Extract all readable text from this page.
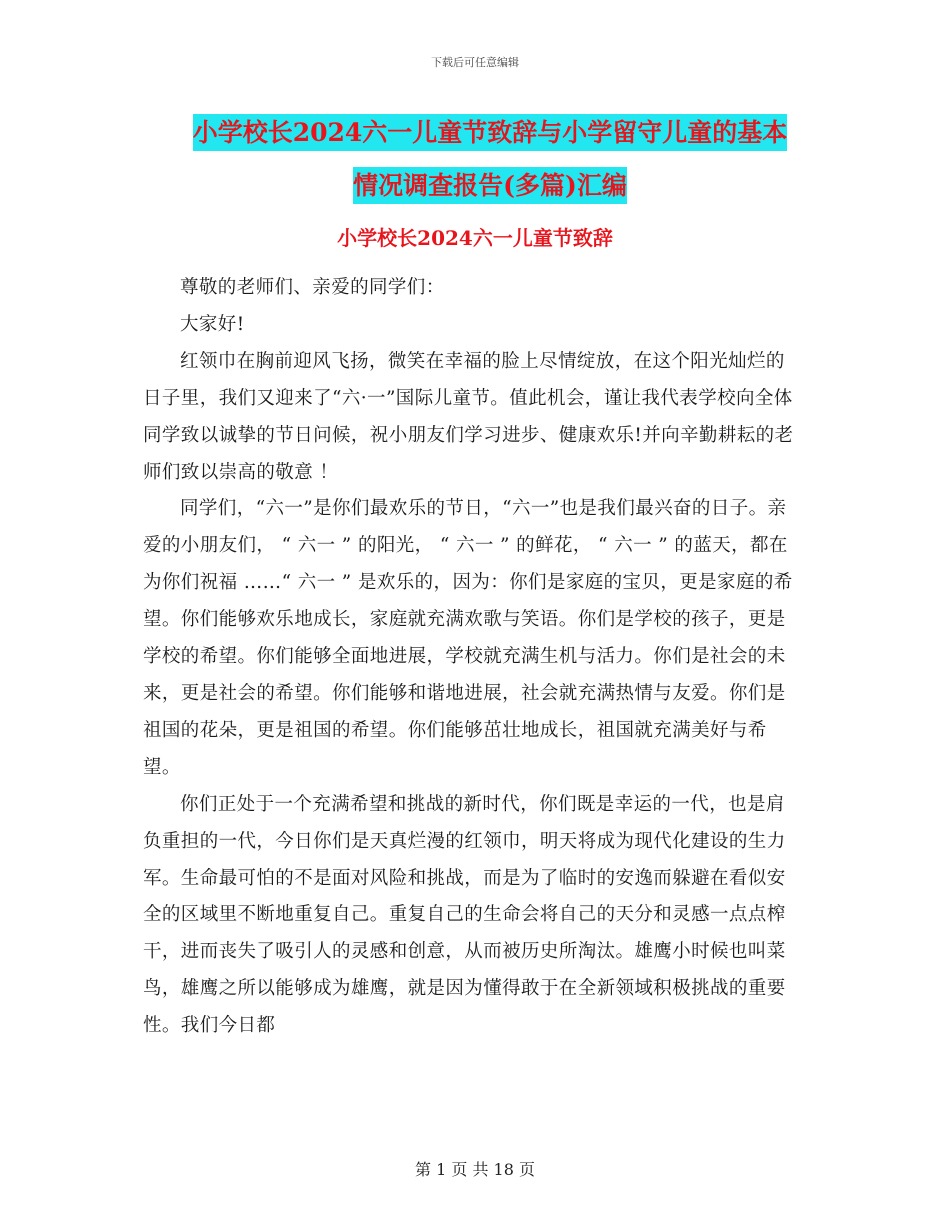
下载后可任意编辑
小学校长2024六一儿童节致辞与小学留守儿童的基本
情况调查报告(多篇)汇编
小学校长2024六一儿童节致辞

尊敬的老师们、亲爱的同学们：

大家好!

红领巾在胸前迎风飞扬，微笑在幸福的脸上尽情绽放，在这个阳光灿烂的日子里，我们又迎来了“六·一”国际儿童节。值此机会，谨让我代表学校向全体同学致以诚挚的节日问候，祝小朋友们学习进步、健康欢乐!并向辛勤耕耘的老师们致以崇高的敬意 ！

同学们，“六一”是你们最欢乐的节日，“六一”也是我们最兴奋的日子。亲爱的小朋友们， “ 六一 ” 的阳光， “ 六一 ” 的鲜花， “ 六一 ” 的蓝天，都在为你们祝福 ……“ 六一 ” 是欢乐的，因为：你们是家庭的宝贝，更是家庭的希望。你们能够欢乐地成长，家庭就充满欢歌与笑语。你们是学校的孩子，更是学校的希望。你们能够全面地进展，学校就充满生机与活力。你们是社会的未来，更是社会的希望。你们能够和谐地进展，社会就充满热情与友爱。你们是祖国的花朵，更是祖国的希望。你们能够茁壮地成长，祖国就充满美好与希望。

你们正处于一个充满希望和挑战的新时代，你们既是幸运的一代，也是肩负重担的一代，今日你们是天真烂漫的红领巾，明天将成为现代化建设的生力军。生命最可怕的不是面对风险和挑战，而是为了临时的安逸而躲避在看似安全的区域里不断地重复自己。重复自己的生命会将自己的天分和灵感一点点榨干，进而丧失了吸引人的灵感和创意，从而被历史所淘汰。雄鹰小时候也叫菜鸟，雄鹰之所以能够成为雄鹰，就是因为懂得敢于在全新领域积极挑战的重要性。我们今日都

第 1 页 共 18 页
